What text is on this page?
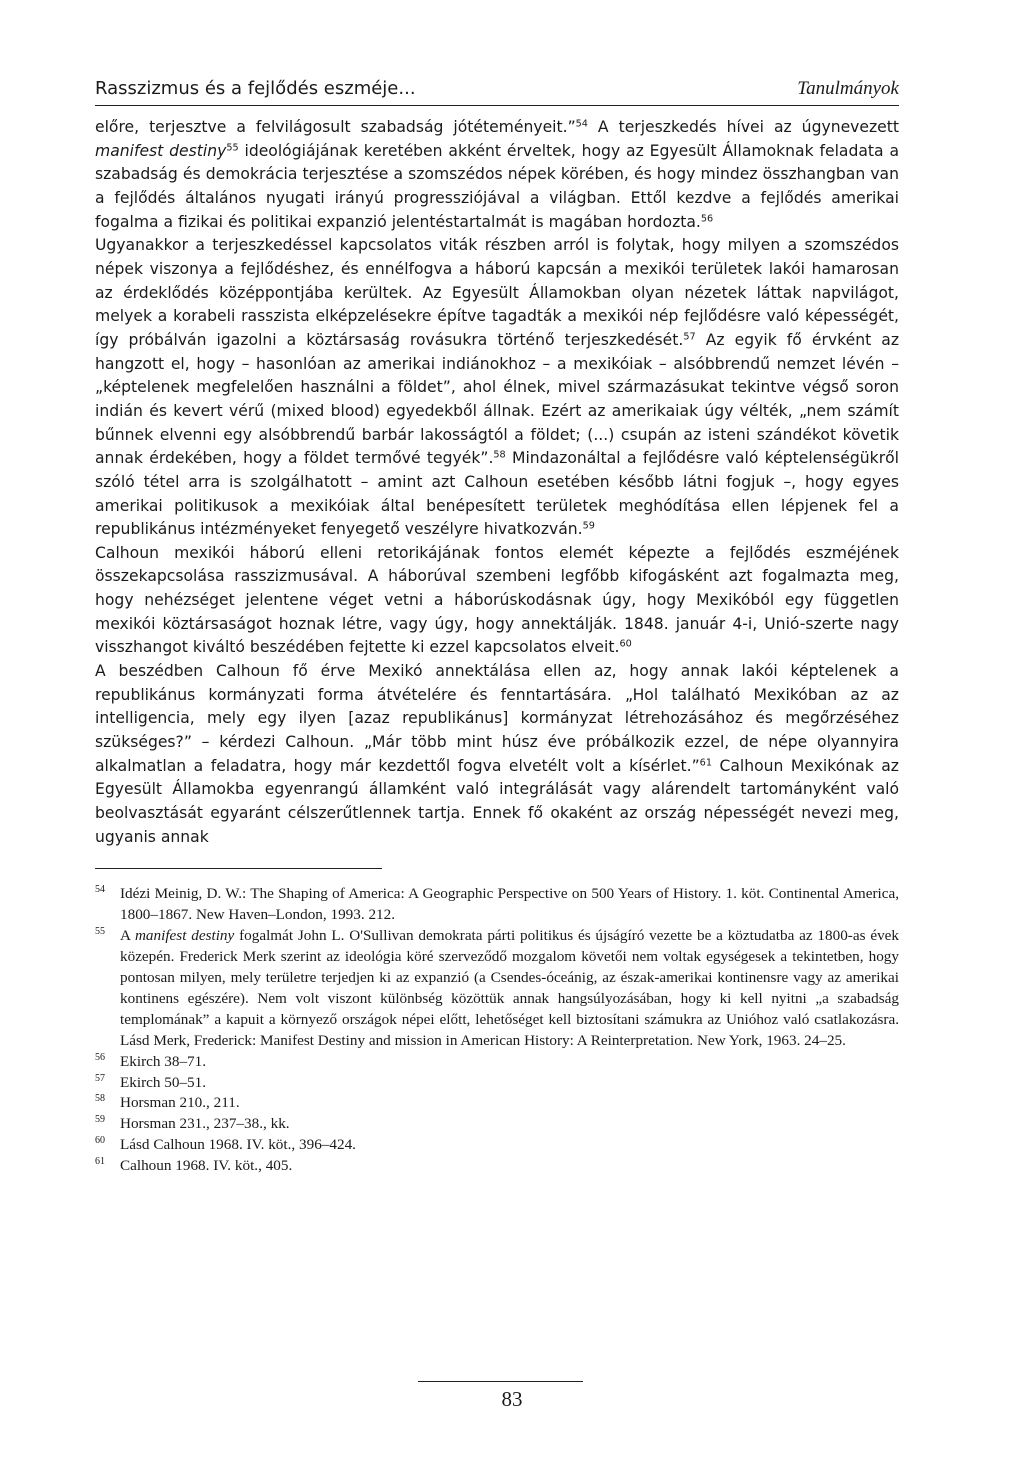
Rasszizmus és a fejlődés eszméje...	Tanulmányok

előre, terjesztve a felvilágosult szabadság jótéteményeit.”$^{54}$ A terjeszkedés hívei az úgynevezett manifest destiny$^{55}$ ideológiájának keretében akként érveltek, hogy az Egyesült Államoknak feladata a szabadság és demokrácia terjesztése a szomszédos népek körében, és hogy mindez összhangban van a fejlődés általános nyugati irányú progressziójával a világban. Ettől kezdve a fejlődés amerikai fogalma a fizikai és politikai expanzió jelentéstartalmát is magában hordozta.$^{56}$

Ugyanakkor a terjeszkedéssel kapcsolatos viták részben arról is folytak, hogy milyen a szomszédos népek viszonya a fejlődéshez, és ennélfogva a háború kapcsán a mexikói területek lakói hamarosan az érdeklődés középpontjába kerültek. Az Egyesült Államokban olyan nézetek láttak napvilágot, melyek a korabeli rasszista elképzelésekre építve tagadták a mexikói nép fejlődésre való képességét, így próbálván igazolni a köztársaság rovásukra történő terjeszkedését.$^{57}$ Az egyik fő érvként az hangzott el, hogy – hasonlóan az amerikai indiánokhoz – a mexikóiak – alsóbbrendű nemzet lévén – „képtelenek megfelelően használni a földet”, ahol élnek, mivel származásukat tekintve végső soron indián és kevert vérű (mixed blood) egyedekből állnak. Ezért az amerikaiak úgy vélték, „nem számít bűnnek elvenni egy alsóbbrendű barbár lakosságtól a földet; (...) csupán az isteni szándékot követik annak érdekében, hogy a földet termővé tegyék”.$^{58}$ Mindazonáltal a fejlődésre való képtelenségükről szóló tétel arra is szolgálhatott – amint azt Calhoun esetében később látni fogjuk –, hogy egyes amerikai politikusok a mexikóiak által benépesített területek meghódítása ellen lépjenek fel a republikánus intézményeket fenyegető veszélyre hivatkozván.$^{59}$

Calhoun mexikói háború elleni retorikájának fontos elemét képezte a fejlődés eszméjének összekapcsolása rasszizmusával. A háborúval szembeni legfőbb kifogásként azt fogalmazta meg, hogy nehézséget jelentene véget vetni a háborúskodásnak úgy, hogy Mexikóból egy független mexikói köztársaságot hoznak létre, vagy úgy, hogy annektálják. 1848. január 4-i, Unió-szerte nagy visszhangot kiváltó beszédében fejtette ki ezzel kapcsolatos elveit.$^{60}$

A beszédben Calhoun fő érve Mexikó annektálása ellen az, hogy annak lakói képtelenek a republikánus kormányzati forma átvételére és fenntartására. „Hol található Mexikóban az az intelligencia, mely egy ilyen [azaz republikánus] kormányzat létrehozásához és megőrzéséhez szükséges?” – kérdezi Calhoun. „Már több mint húsz éve próbálkozik ezzel, de népe olyannyira alkalmatlan a feladatra, hogy már kezdettől fogva elvetélt volt a kísérlet.”$^{61}$ Calhoun Mexikónak az Egyesült Államokba egyenrangú államként való integrálását vagy alárendelt tartományként való beolvasztását egyaránt célszerűtlennek tartja. Ennek fő okaként az ország népességét nevezi meg, ugyanis annak

54 Idézi Meinig, D. W.: The Shaping of America: A Geographic Perspective on 500 Years of History. 1. köt. Continental America, 1800–1867. New Haven–London, 1993. 212.
55 A manifest destiny fogalmát John L. O'Sullivan demokrata párti politikus és újságíró vezette be a köztudatba az 1800-as évek közepén. Frederick Merk szerint az ideológia köré szerveződő mozgalom követői nem voltak egységesek a tekintetben, hogy pontosan milyen, mely területre terjedjen ki az expanzió (a Csendes-óceánig, az észak-amerikai kontinensre vagy az amerikai kontinens egészére). Nem volt viszont különbség közöttük annak hangsúlyozásában, hogy ki kell nyitni „a szabadság templomának” a kapuit a környező országok népei előtt, lehetőséget kell biztosítani számukra az Unióhoz való csatlakozásra. Lásd Merk, Frederick: Manifest Destiny and mission in American History: A Reinterpretation. New York, 1963. 24–25.
56 Ekirch 38–71.
57 Ekirch 50–51.
58 Horsman 210., 211.
59 Horsman 231., 237–38., kk.
60 Lásd Calhoun 1968. IV. köt., 396–424.
61 Calhoun 1968. IV. köt., 405.
83
